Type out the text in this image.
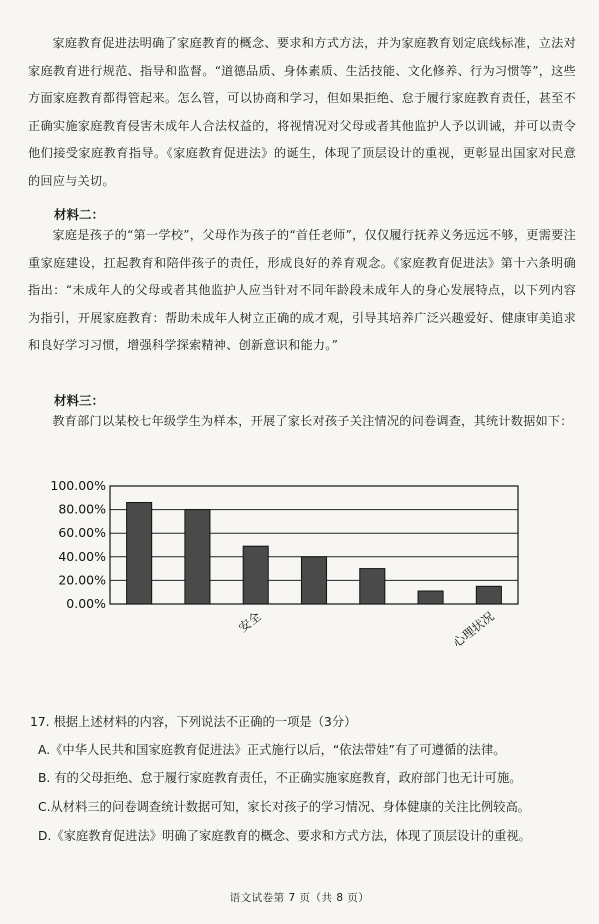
家庭教育促进法明确了家庭教育的概念、要求和方式方法，并为家庭教育划定底线标准，立法对家庭教育进行规范、指导和监督。“道德品质、身体素质、生活技能、文化修养、行为习惯等”，这些方面家庭教育都得管起来。怎么管，可以协商和学习，但如果拒绝、怠于履行家庭教育责任，甚至不正确实施家庭教育侵害未成年人合法权益的，将视情况对父母或者其他监护人予以训诫，并可以责令他们接受家庭教育指导。《家庭教育促进法》的诞生，体现了顶层设计的重视，更彰显出国家对民意的回应与关切。

材料二：

家庭是孩子的“第一学校”，父母作为孩子的“首任老师”，仅仅履行抚养义务远远不够，更需要注重家庭建设，扛起教育和陪伴孩子的责任，形成良好的养育观念。《家庭教育促进法》第十六条明确指出：“未成年人的父母或者其他监护人应当针对不同年龄段未成年人的身心发展特点，以下列内容为指引，开展家庭教育：帮助未成年人树立正确的成才观，引导其培养广泛兴趣爱好、健康审美追求和良好学习习惯，增强科学探索精神、创新意识和能力。”

材料三：

教育部门以某校七年级学生为样本，开展了家长对孩子关注情况的问卷调查，其统计数据如下：

0.00%
20.00%
40.00%
60.00%
80.00%
100.00%
安全	心理状况

17. 根据上述材料的内容，下列说法不正确的一项是（3分）

A.《中华人民共和国家庭教育促进法》正式施行以后，“依法带娃”有了可遵循的法律。

B. 有的父母拒绝、怠于履行家庭教育责任，不正确实施家庭教育，政府部门也无计可施。

C.从材料三的问卷调查统计数据可知，家长对孩子的学习情况、身体健康的关注比例较高。

D.《家庭教育促进法》明确了家庭教育的概念、要求和方式方法，体现了顶层设计的重视。

语文试卷第 7 页（共 8 页）
